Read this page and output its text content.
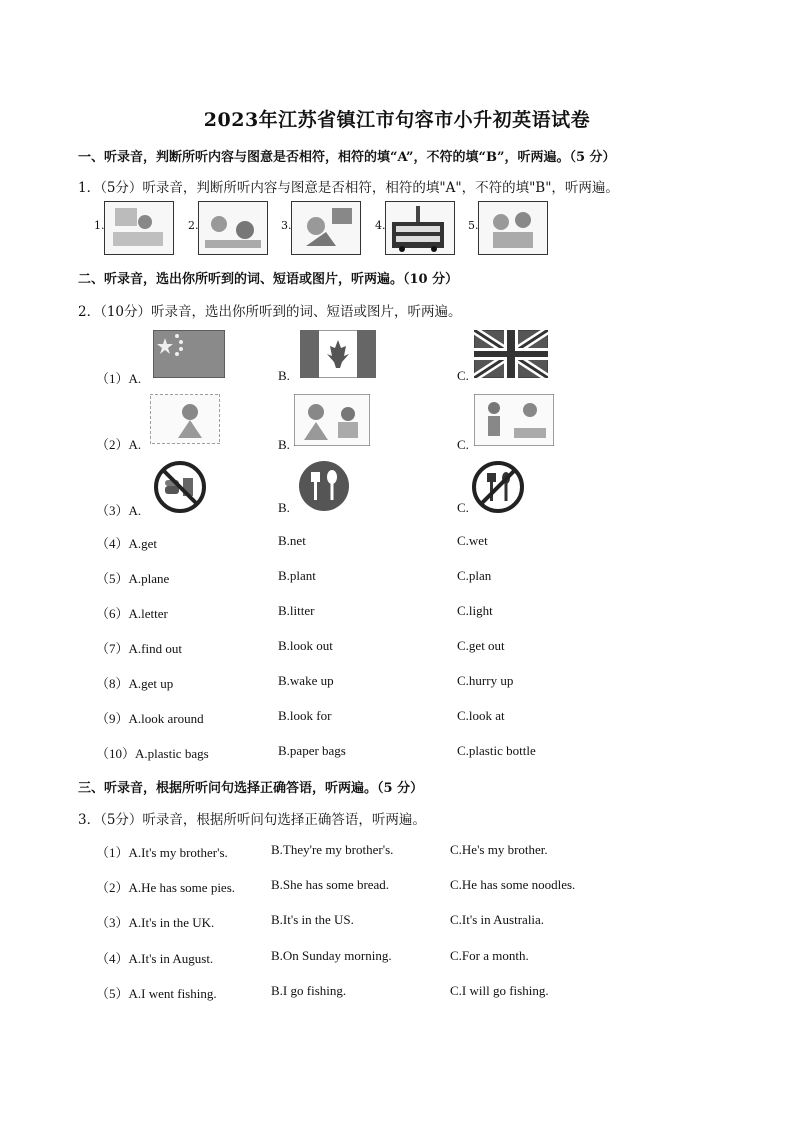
2023年江苏省镇江市句容市小升初英语试卷
一、听录音，判断所听内容与图意是否相符，相符的填“A”，不符的填“B”，听两遍。（5 分）
1．（5分）听录音，判断所听内容与图意是否相符，相符的填"A"，不符的填"B"，听两遍。
1.	2.	3.	4.	5.
二、听录音，选出你所听到的词、短语或图片，听两遍。（10 分）
2．（10分）听录音，选出你所听到的词、短语或图片，听两遍。
（1）A.	B.	C.
（2）A.	B.	C.
（3）A.	B.	C.
（4）A.get	B.net	C.wet
（5）A.plane	B.plant	C.plan
（6）A.letter	B.litter	C.light
（7）A.find out	B.look out	C.get out
（8）A.get up	B.wake up	C.hurry up
（9）A.look around	B.look for	C.look at
（10）A.plastic bags	B.paper bags	C.plastic bottle
三、听录音，根据所听问句选择正确答语，听两遍。（5 分）
3．（5分）听录音，根据所听问句选择正确答语，听两遍。
（1）A.It's my brother's.	B.They're my brother's.	C.He's my brother.
（2）A.He has some pies.	B.She has some bread.	C.He has some noodles.
（3）A.It's in the UK.	B.It's in the US.	C.It's in Australia.
（4）A.It's in August.	B.On Sunday morning.	C.For a month.
（5）A.I went fishing.	B.I go fishing.	C.I will go fishing.
